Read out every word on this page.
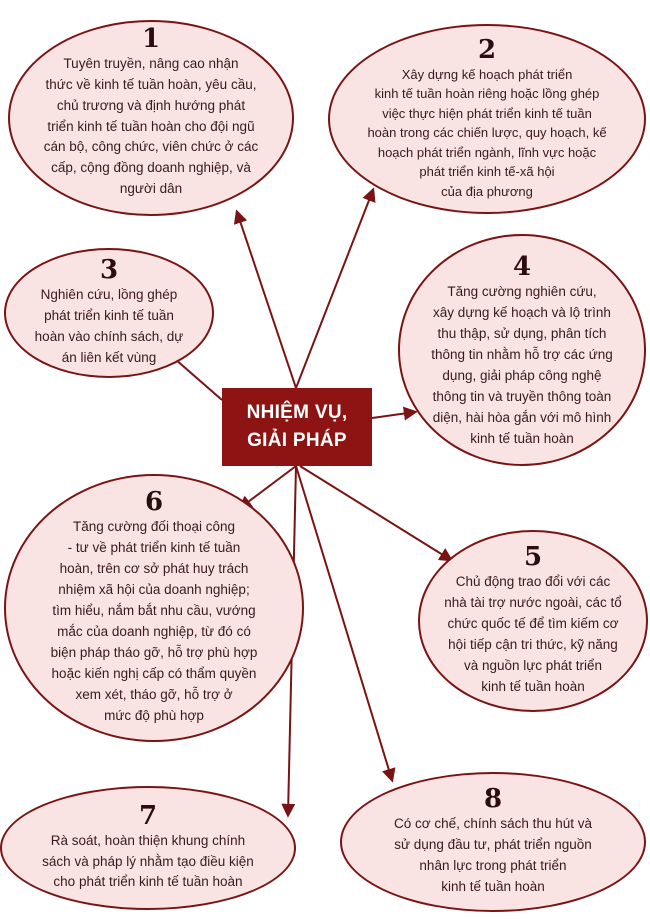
1
Tuyên truyền, nâng cao nhận
thức về kinh tế tuần hoàn, yêu cầu,
chủ trương và định hướng phát
triển kinh tế tuần hoàn cho đội ngũ
cán bộ, công chức, viên chức ở các
cấp, cộng đồng doanh nghiệp, và
người dân
2
Xây dựng kế hoạch phát triển
kinh tế tuần hoàn riêng hoặc lồng ghép
việc thực hiện phát triển kinh tế tuần
hoàn trong các chiến lược, quy hoạch, kế
hoạch phát triển ngành, lĩnh vực hoặc
phát triển kinh tế-xã hội
của địa phương
3
Nghiên cứu, lồng ghép
phát triển kinh tế tuần
hoàn vào chính sách, dự
án liên kết vùng
4
Tăng cường nghiên cứu,
xây dựng kế hoạch và lộ trình
thu thập, sử dụng, phân tích
thông tin nhằm hỗ trợ các ứng
dụng, giải pháp công nghệ
thông tin và truyền thông toàn
diện, hài hòa gắn với mô hình
kinh tế tuần hoàn
6
Tăng cường đối thoại công
- tư về phát triển kinh tế tuần
hoàn, trên cơ sở phát huy trách
nhiệm xã hội của doanh nghiệp;
tìm hiểu, nắm bắt nhu cầu, vướng
mắc của doanh nghiệp, từ đó có
biện pháp tháo gỡ, hỗ trợ phù hợp
hoặc kiến nghị cấp có thẩm quyền
xem xét, tháo gỡ, hỗ trợ ở
mức độ phù hợp
5
Chủ động trao đổi với các
nhà tài trợ nước ngoài, các tổ
chức quốc tế để tìm kiếm cơ
hội tiếp cận tri thức, kỹ năng
và nguồn lực phát triển
kinh tế tuần hoàn
7
Rà soát, hoàn thiện khung chính
sách và pháp lý nhằm tạo điều kiện
cho phát triển kinh tế tuần hoàn
8
Có cơ chế, chính sách thu hút và
sử dụng đầu tư, phát triển nguồn
nhân lực trong phát triển
kinh tế tuần hoàn
NHIỆM VỤ,
GIẢI PHÁP
